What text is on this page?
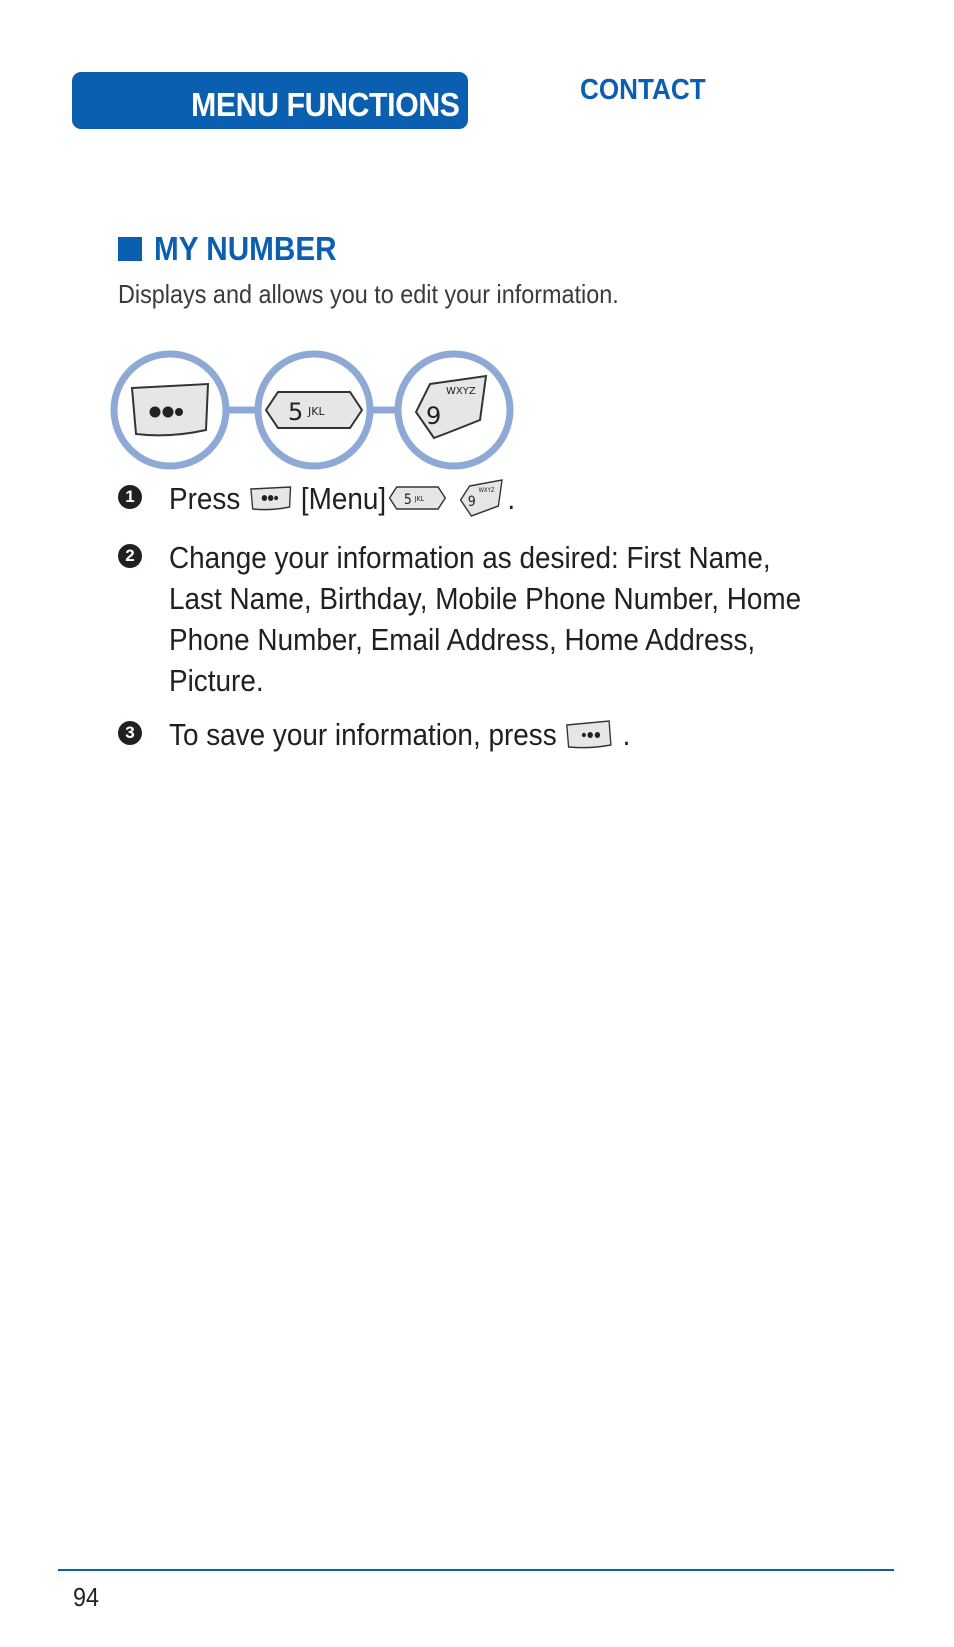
MENU FUNCTIONS	CONTACT
MY NUMBER
Displays and allows you to edit your information.
5 JKL	9
WXYZ
1 Press [Menu] 5 JKL
	9
WXYZ .
2 Change your information as desired: First Name,
Last Name, Birthday, Mobile Phone Number, Home
Phone Number, Email Address, Home Address,
Picture.
3 To save your information, press .
94
